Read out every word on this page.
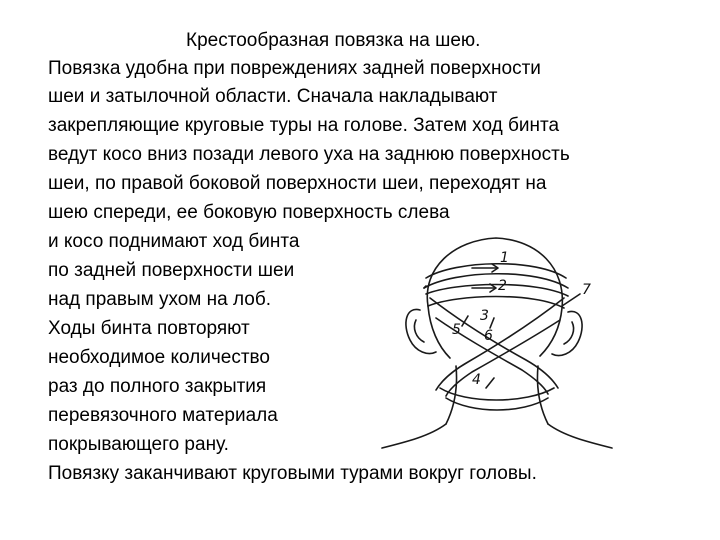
Крестообразная повязка на шею.
Повязка удобна при повреждениях задней поверхности
шеи и затылочной области. Сначала накладывают
закрепляющие круговые туры на голове. Затем ход бинта
ведут косо вниз позади левого уха на заднюю поверхность
шеи, по правой боковой поверхности шеи, переходят на
шею спереди, ее боковую поверхность слева
и косо поднимают ход бинта
по задней поверхности шеи
над правым ухом на лоб.
Ходы бинта повторяют
необходимое количество
раз до полного закрытия
перевязочного материала
покрывающего рану.
Повязку заканчивают круговыми турами вокруг головы.
1
2
3
4
5 6
7
